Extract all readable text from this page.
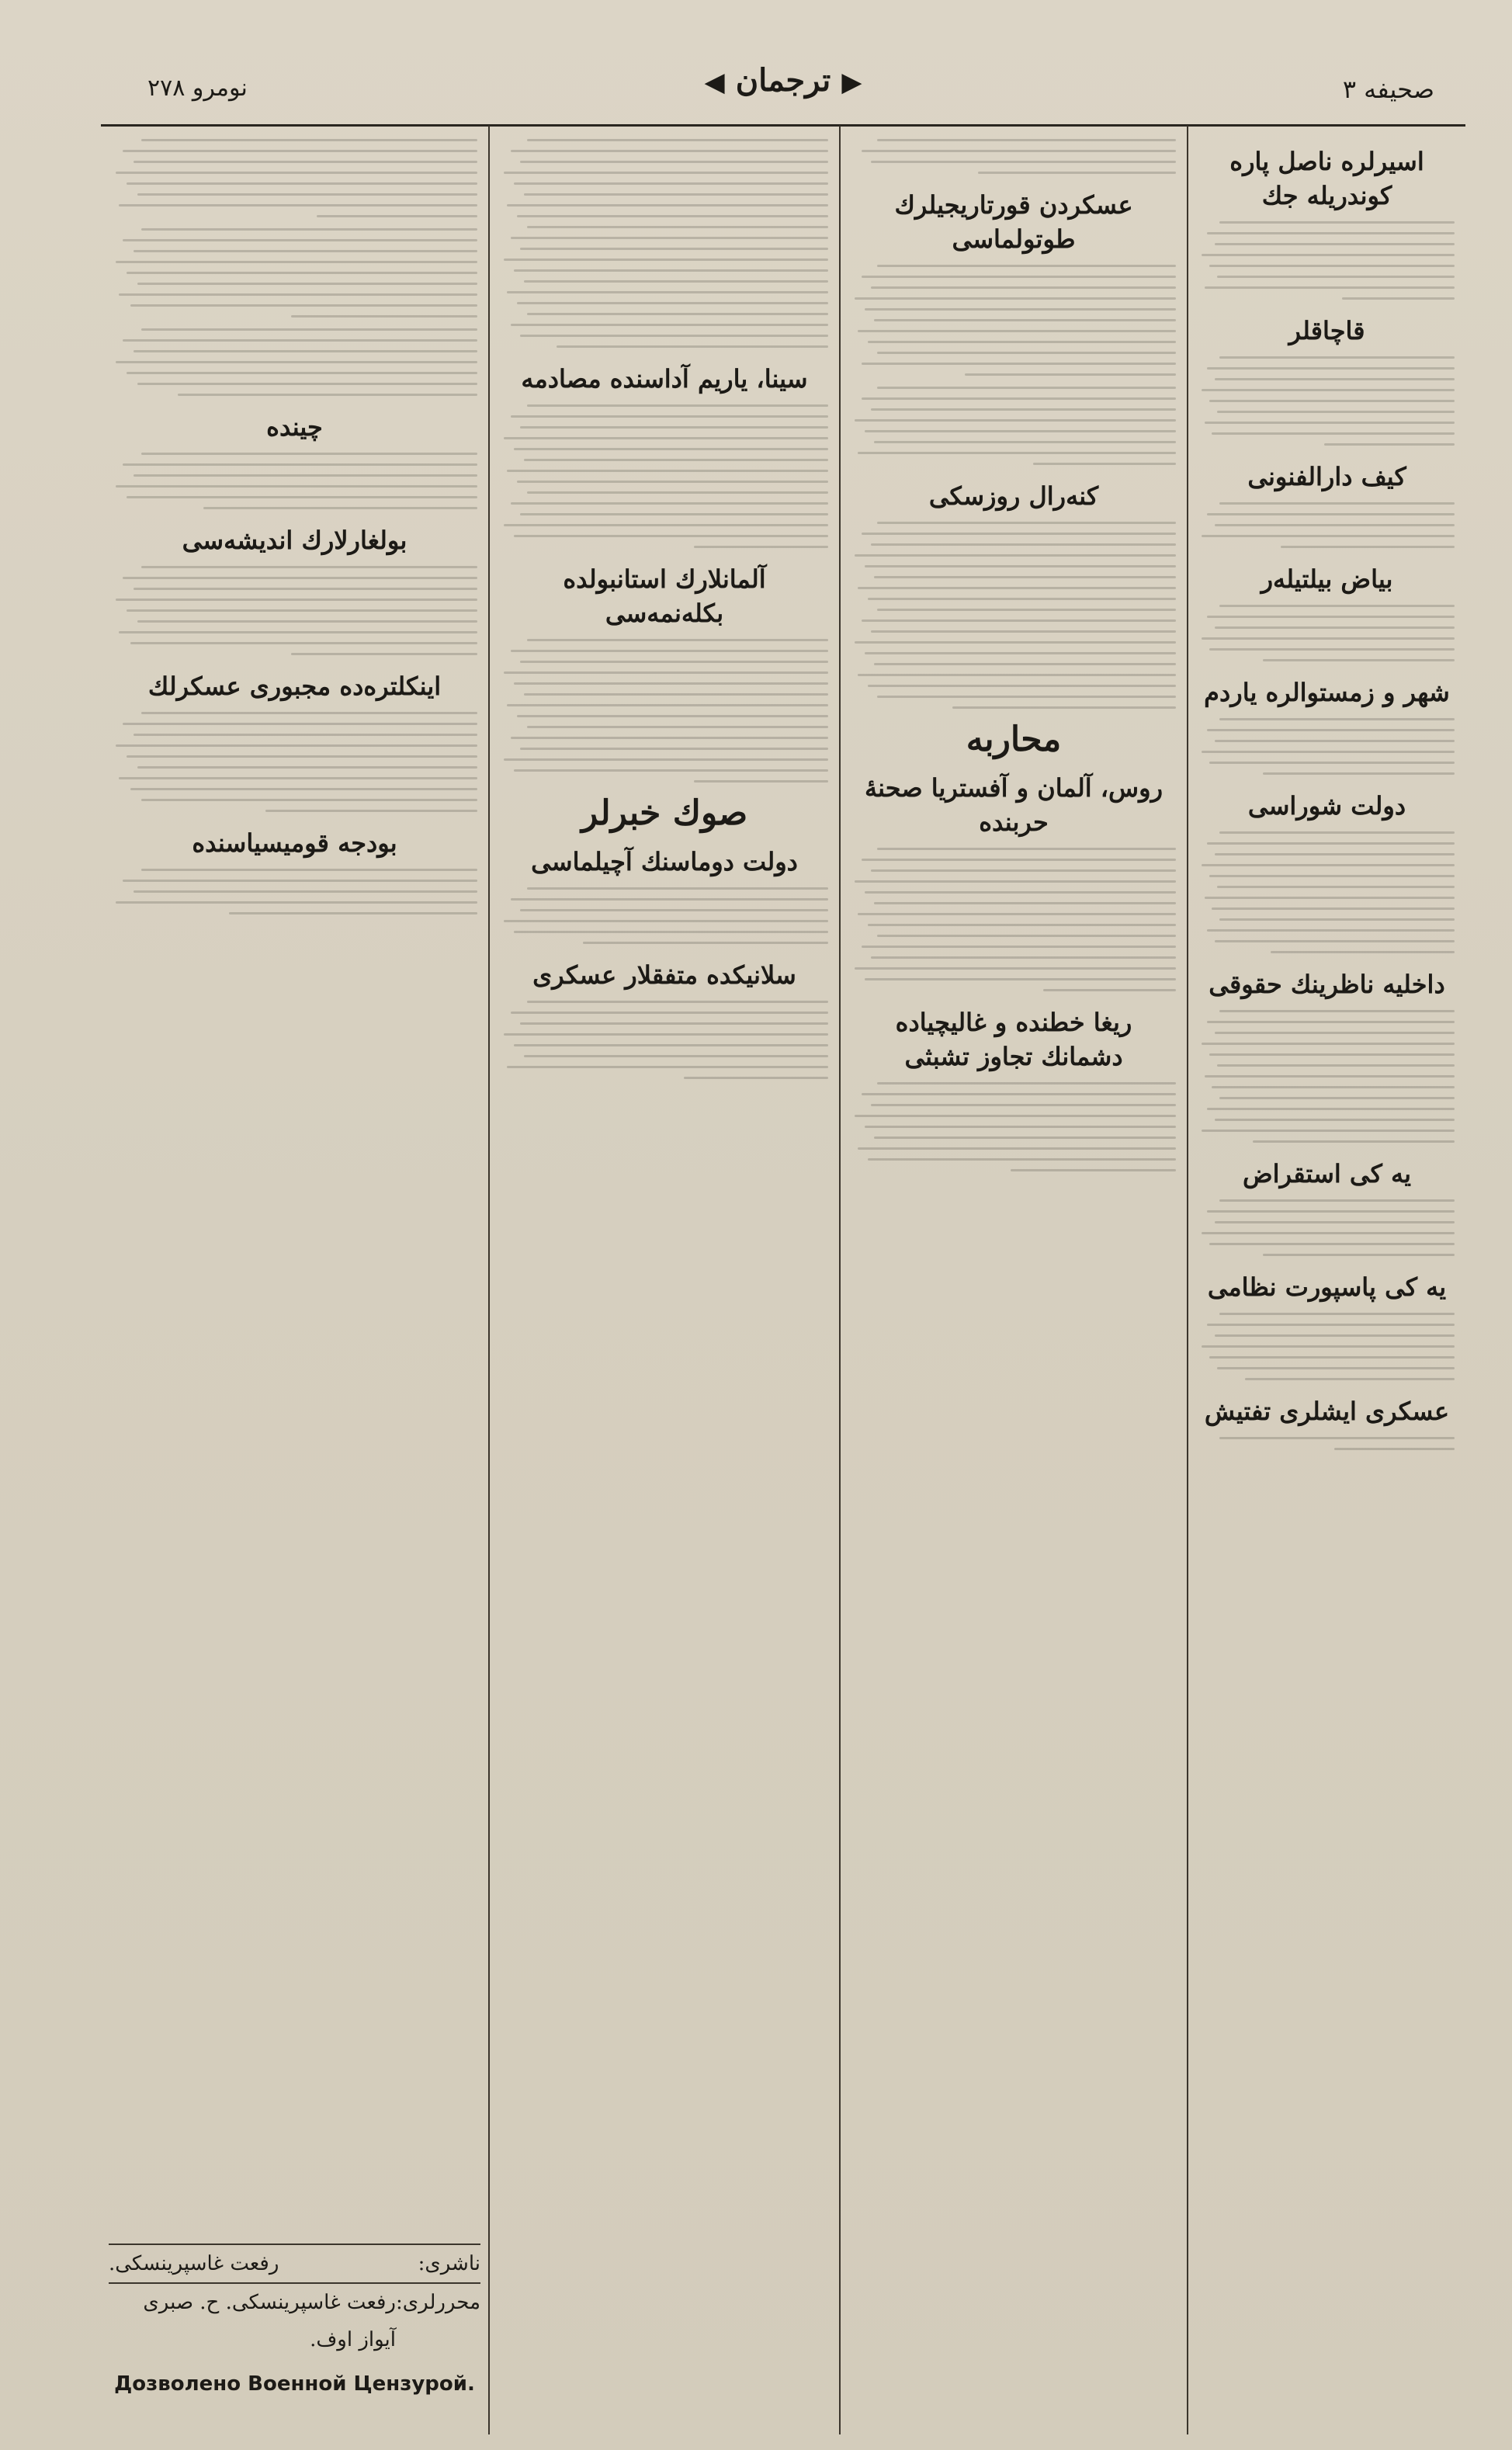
نومرو ٢٧٨	◀ ترجمان ▶	صحيفه ٣
اسيرلره ناصل پاره كوندريله جك
قاچاقلر
كيف دارالفنونى
بياض بيلتيله‌ر
شهر و زمستوالره ياردم
دولت شوراسى
داخليه ناظرينك حقوقى
يه كى استقراض
يه كى پاسپورت نظامى
عسكرى ايشلرى تفتيش
عسكردن قورتاريجيلرك طوتولماسى
كنه‌رال روزسكى
محاربه
روس، آلمان و آفستريا صحنهٔ حربنده
ريغا خطنده و غاليچياده دشمانك تجاوز تشبثى
سينا، ياريم آداسنده مصادمه
آلمانلارك استانبولده بكله‌نمه‌سى
صوك خبرلر
دولت دوماسنك آچيلماسى
سلانيكده متفقلار عسكرى
چينده
بولغارلارك انديشه‌سى
اينكلتره‌ده مجبورى عسكرلك
بودجه قوميسياسنده
ناشرى:
رفعت غاسپرينسكى.
محررلرى:
رفعت غاسپرينسكى. ح. صبرى آيواز اوف.
Дозволено Военной Цензурой.
